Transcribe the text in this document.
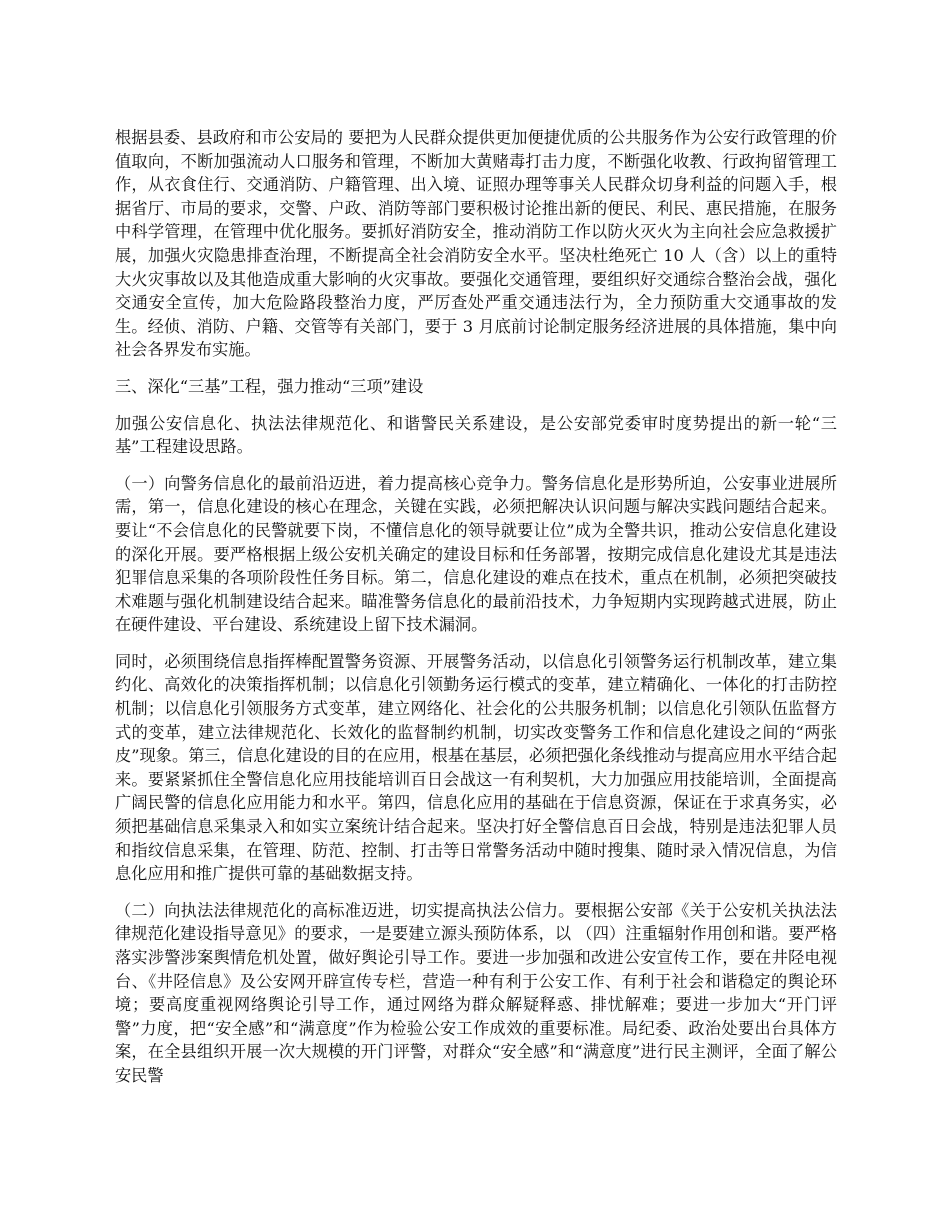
根据县委、县政府和市公安局的 要把为人民群众提供更加便捷优质的公共服务作为公安行政管理的价值取向，不断加强流动人口服务和管理，不断加大黄赌毒打击力度，不断强化收教、行政拘留管理工作，从衣食住行、交通消防、户籍管理、出入境、证照办理等事关人民群众切身利益的问题入手，根据省厅、市局的要求，交警、户政、消防等部门要积极讨论推出新的便民、利民、惠民措施，在服务中科学管理，在管理中优化服务。要抓好消防安全，推动消防工作以防火灭火为主向社会应急救援扩展，加强火灾隐患排查治理，不断提高全社会消防安全水平。坚决杜绝死亡 10 人（含）以上的重特大火灾事故以及其他造成重大影响的火灾事故。要强化交通管理，要组织好交通综合整治会战，强化交通安全宣传，加大危险路段整治力度，严厉查处严重交通违法行为，全力预防重大交通事故的发生。经侦、消防、户籍、交管等有关部门，要于 3 月底前讨论制定服务经济进展的具体措施，集中向社会各界发布实施。

三、深化“三基”工程，强力推动“三项”建设

加强公安信息化、执法法律规范化、和谐警民关系建设，是公安部党委审时度势提出的新一轮“三基”工程建设思路。

（一）向警务信息化的最前沿迈进，着力提高核心竞争力。警务信息化是形势所迫，公安事业进展所需，第一，信息化建设的核心在理念，关键在实践，必须把解决认识问题与解决实践问题结合起来。要让“不会信息化的民警就要下岗，不懂信息化的领导就要让位”成为全警共识，推动公安信息化建设的深化开展。要严格根据上级公安机关确定的建设目标和任务部署，按期完成信息化建设尤其是违法犯罪信息采集的各项阶段性任务目标。第二，信息化建设的难点在技术，重点在机制，必须把突破技术难题与强化机制建设结合起来。瞄准警务信息化的最前沿技术，力争短期内实现跨越式进展，防止在硬件建设、平台建设、系统建设上留下技术漏洞。

同时，必须围绕信息指挥棒配置警务资源、开展警务活动，以信息化引领警务运行机制改革，建立集约化、高效化的决策指挥机制；以信息化引领勤务运行模式的变革，建立精确化、一体化的打击防控机制；以信息化引领服务方式变革，建立网络化、社会化的公共服务机制；以信息化引领队伍监督方式的变革，建立法律规范化、长效化的监督制约机制，切实改变警务工作和信息化建设之间的“两张皮”现象。第三，信息化建设的目的在应用，根基在基层，必须把强化条线推动与提高应用水平结合起来。要紧紧抓住全警信息化应用技能培训百日会战这一有利契机，大力加强应用技能培训，全面提高广阔民警的信息化应用能力和水平。第四，信息化应用的基础在于信息资源，保证在于求真务实，必须把基础信息采集录入和如实立案统计结合起来。坚决打好全警信息百日会战，特别是违法犯罪人员和指纹信息采集，在管理、防范、控制、打击等日常警务活动中随时搜集、随时录入情况信息，为信息化应用和推广提供可靠的基础数据支持。

（二）向执法法律规范化的高标准迈进，切实提高执法公信力。要根据公安部《关于公安机关执法法律规范化建设指导意见》的要求，一是要建立源头预防体系，以 （四）注重辐射作用创和谐。要严格落实涉警涉案舆情危机处置，做好舆论引导工作。要进一步加强和改进公安宣传工作，要在井陉电视台、《井陉信息》及公安网开辟宣传专栏，营造一种有利于公安工作、有利于社会和谐稳定的舆论环境；要高度重视网络舆论引导工作，通过网络为群众解疑释惑、排忧解难；要进一步加大“开门评警”力度，把“安全感”和“满意度”作为检验公安工作成效的重要标准。局纪委、政治处要出台具体方案，在全县组织开展一次大规模的开门评警，对群众“安全感”和“满意度”进行民主测评，全面了解公安民警
